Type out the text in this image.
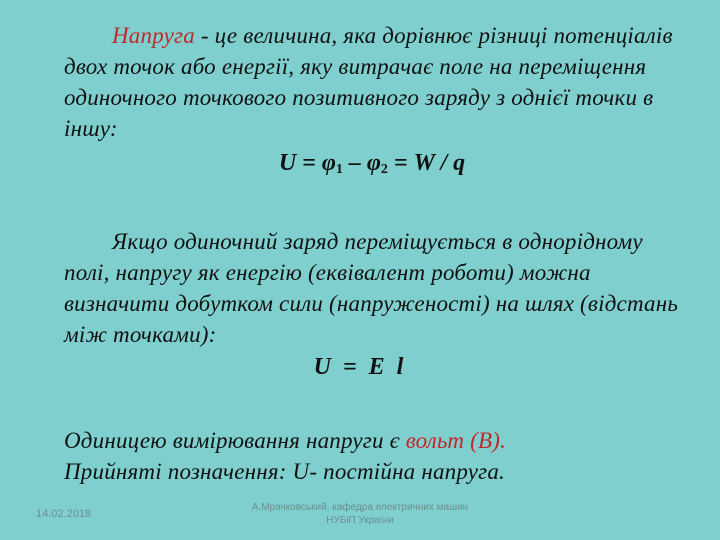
Напруга - це величина, яка дорівнює різниці потенціалів двох точок або енергії, яку витрачає поле на переміщення одиночного точкового позитивного заряду з однієї точки в іншу:
$U = \varphi_1 - \varphi_2 = W / q$
Якщо одиночний заряд переміщується в однорідному полі, напругу як енергію (еквівалент роботи) можна визначити добутком сили (напруженості) на шлях (відстань між точками):
U = E l
Одиницею вимірювання напруги є вольт (В).
Прийняті позначення: U- постійна напруга.
14.02.2018
А.Мрачковський, кафедра електричних машин НУБіП України
